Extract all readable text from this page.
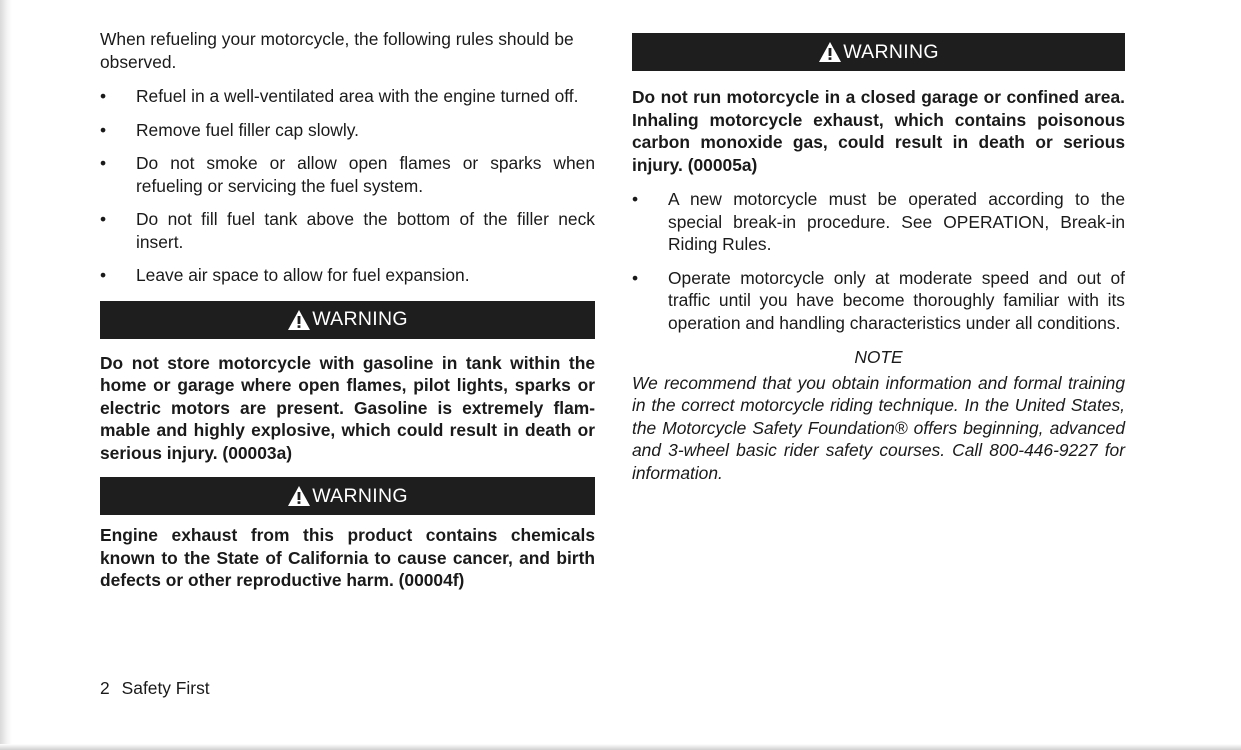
When refueling your motorcycle, the following rules should be observed.

•	Refuel in a well-ventilated area with the engine turned off.
•	Remove fuel filler cap slowly.
•	Do not smoke or allow open flames or sparks when refueling or servicing the fuel system.
•	Do not fill fuel tank above the bottom of the filler neck insert.
•	Leave air space to allow for fuel expansion.
WARNING

Do not store motorcycle with gasoline in tank within the home or garage where open flames, pilot lights, sparks or electric motors are present. Gasoline is extremely flam-mable and highly explosive, which could result in death or serious injury. (00003a)

WARNING

Engine exhaust from this product contains chemicals known to the State of California to cause cancer, and birth defects or other reproductive harm. (00004f)

WARNING

Do not run motorcycle in a closed garage or confined area. Inhaling motorcycle exhaust, which contains poisonous carbon monoxide gas, could result in death or serious injury. (00005a)

•	A new motorcycle must be operated according to the special break-in procedure. See OPERATION, Break-in Riding Rules.
•	Operate motorcycle only at moderate speed and out of traffic until you have become thoroughly familiar with its operation and handling characteristics under all conditions.

NOTE

We recommend that you obtain information and formal training in the correct motorcycle riding technique. In the United States, the Motorcycle Safety Foundation® offers beginning, advanced and 3-wheel basic rider safety courses. Call 800-446-9227 for information.

2 Safety First
